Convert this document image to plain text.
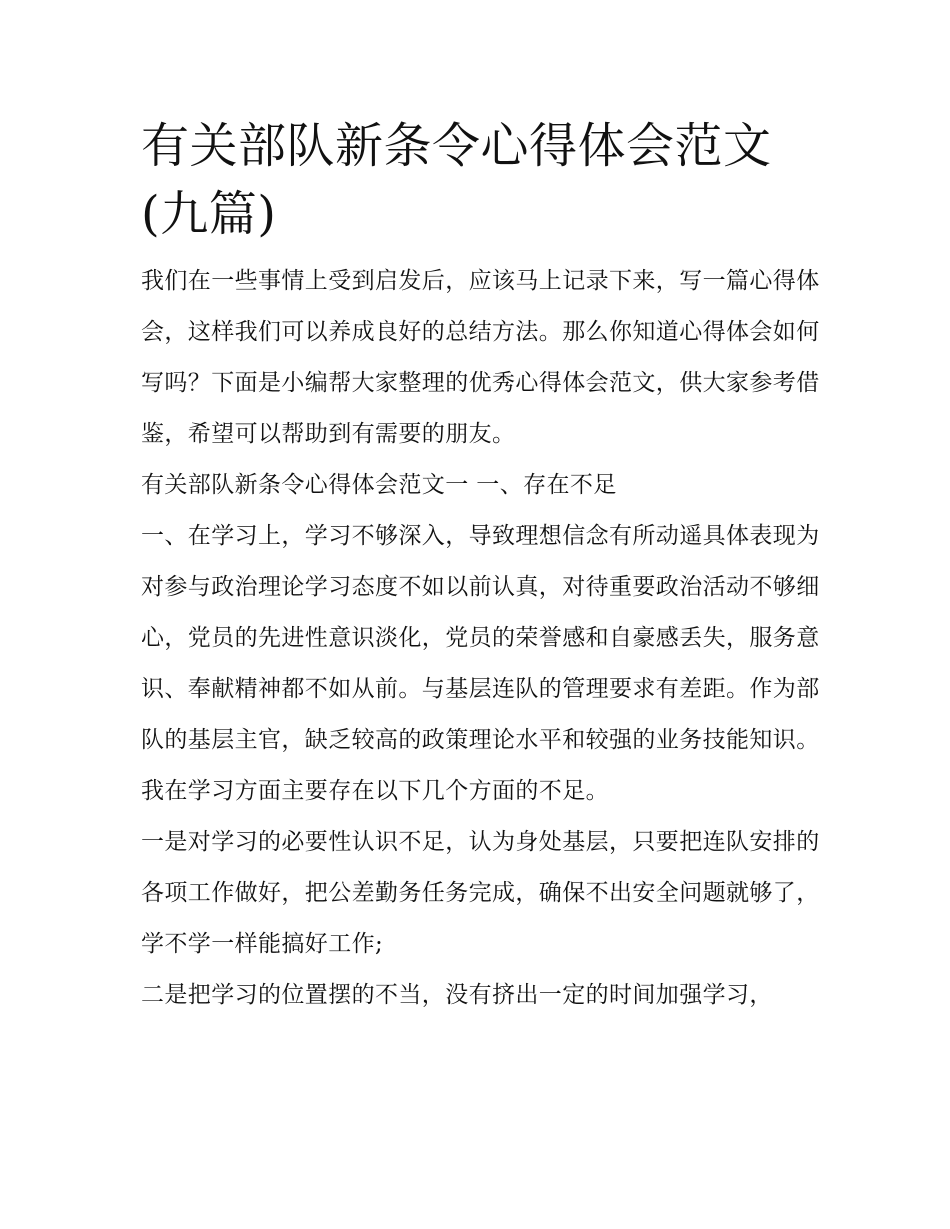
有关部队新条令心得体会范文
(九篇)

我们在一些事情上受到启发后，应该马上记录下来，写一篇心得体会，这样我们可以养成良好的总结方法。那么你知道心得体会如何写吗？下面是小编帮大家整理的优秀心得体会范文，供大家参考借鉴，希望可以帮助到有需要的朋友。

有关部队新条令心得体会范文一 一、存在不足

一、在学习上，学习不够深入，导致理想信念有所动遥具体表现为对参与政治理论学习态度不如以前认真，对待重要政治活动不够细心，党员的先进性意识淡化，党员的荣誉感和自豪感丢失，服务意识、奉献精神都不如从前。与基层连队的管理要求有差距。作为部队的基层主官，缺乏较高的政策理论水平和较强的业务技能知识。我在学习方面主要存在以下几个方面的不足。

一是对学习的必要性认识不足，认为身处基层，只要把连队安排的各项工作做好，把公差勤务任务完成，确保不出安全问题就够了，学不学一样能搞好工作;

二是把学习的位置摆的不当，没有挤出一定的时间加强学习，
